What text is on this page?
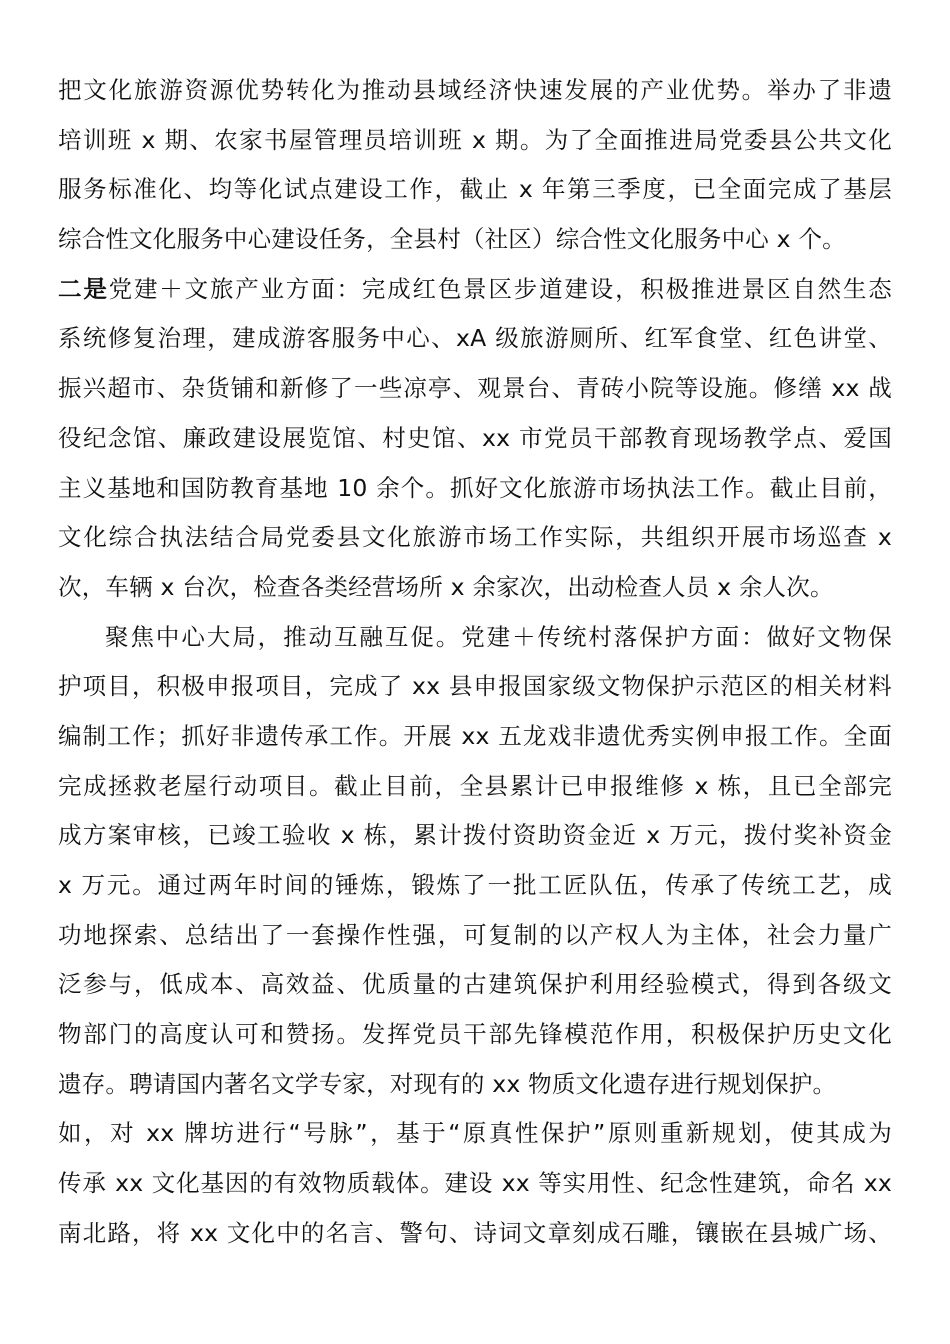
把文化旅游资源优势转化为推动县域经济快速发展的产业优势。举办了非遗
培训班 x 期、农家书屋管理员培训班 x 期。为了全面推进局党委县公共文化
服务标准化、均等化试点建设工作，截止 x 年第三季度，已全面完成了基层
综合性文化服务中心建设任务，全县村（社区）综合性文化服务中心 x 个。
二是党建＋文旅产业方面：完成红色景区步道建设，积极推进景区自然生态
系统修复治理，建成游客服务中心、xA 级旅游厕所、红军食堂、红色讲堂、
振兴超市、杂货铺和新修了一些凉亭、观景台、青砖小院等设施。修缮 xx 战
役纪念馆、廉政建设展览馆、村史馆、xx 市党员干部教育现场教学点、爱国
主义基地和国防教育基地 10 余个。抓好文化旅游市场执法工作。截止目前，
文化综合执法结合局党委县文化旅游市场工作实际，共组织开展市场巡查 x
次，车辆 x 台次，检查各类经营场所 x 余家次，出动检查人员 x 余人次。
聚焦中心大局，推动互融互促。党建＋传统村落保护方面：做好文物保
护项目，积极申报项目，完成了 xx 县申报国家级文物保护示范区的相关材料
编制工作；抓好非遗传承工作。开展 xx 五龙戏非遗优秀实例申报工作。全面
完成拯救老屋行动项目。截止目前，全县累计已申报维修 x 栋，且已全部完
成方案审核，已竣工验收 x 栋，累计拨付资助资金近 x 万元，拨付奖补资金
x 万元。通过两年时间的锤炼，锻炼了一批工匠队伍，传承了传统工艺，成
功地探索、总结出了一套操作性强，可复制的以产权人为主体，社会力量广
泛参与，低成本、高效益、优质量的古建筑保护利用经验模式，得到各级文
物部门的高度认可和赞扬。发挥党员干部先锋模范作用，积极保护历史文化
遗存。聘请国内著名文学专家，对现有的 xx 物质文化遗存进行规划保护。
如，对 xx 牌坊进行“号脉”，基于“原真性保护”原则重新规划，使其成为
传承 xx 文化基因的有效物质载体。建设 xx 等实用性、纪念性建筑，命名 xx
南北路，将 xx 文化中的名言、警句、诗词文章刻成石雕，镶嵌在县城广场、
